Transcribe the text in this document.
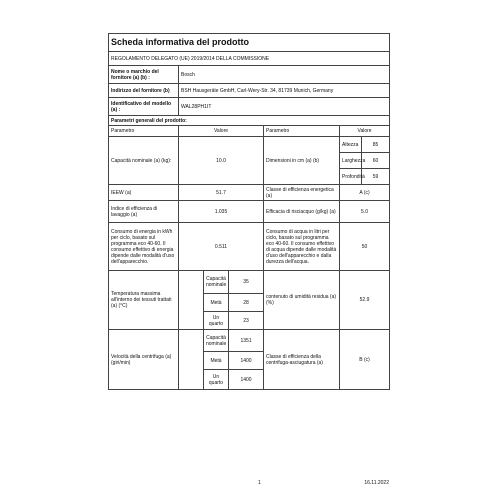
Scheda informativa del prodotto						
REGOLAMENTO DELEGATO (UE) 2019/2014 DELLA COMMISSIONE						
Nome o marchio del fornitore (a) (b) :	Bosch					
Indirizzo del fornitore (b)	BSH Hausgeräte GmbH, Carl-Wery-Str. 34, 81739 Munich, Germany					
Identificativo del modello (a) :	WAL28PH1IT					
Parametri generali del prodotto:						
Parametro	Valore			Parametro	Valore	
Capacità nominale (a) (kg):	10.0			Dimensioni in cm (a) (b)	Altezza	85
					Larghezza	60
					Profondità	59
IEEW (a)	51.7			Classe di efficienza energetica (a)	A (c)	
Indice di efficienza di lavaggio (a)	1.035			Efficacia di risciacquo (g/kg) (a)	5.0	
Consumo di energia in kWh per ciclo, basato sul programma eco 40-60. Il consumo effettivo di energia dipende dalle modalità d'uso dell'apparecchio.	0.511			Consumo di acqua in litri per ciclo, basato sul programma eco 40-60. Il consumo effettivo di acqua dipende dalle modalità d'uso dell'apparecchio e dalla durezza dell'acqua.	50	
Temperatura massima all'interno dei tessuti trattati (a) (°C)		Capacità nominale	35	contenuto di umidità residua (a) (%)	52.9	
		Metà	28			
		Un quarto	23			
Velocità della centrifuga (a) (giri/min)		Capacità nominale	1351	Classe di efficienza della centrifuga-asciugatura (a)	B (c)	
		Metà	1400			
		Un quarto	1400			
1	16.11.2022
